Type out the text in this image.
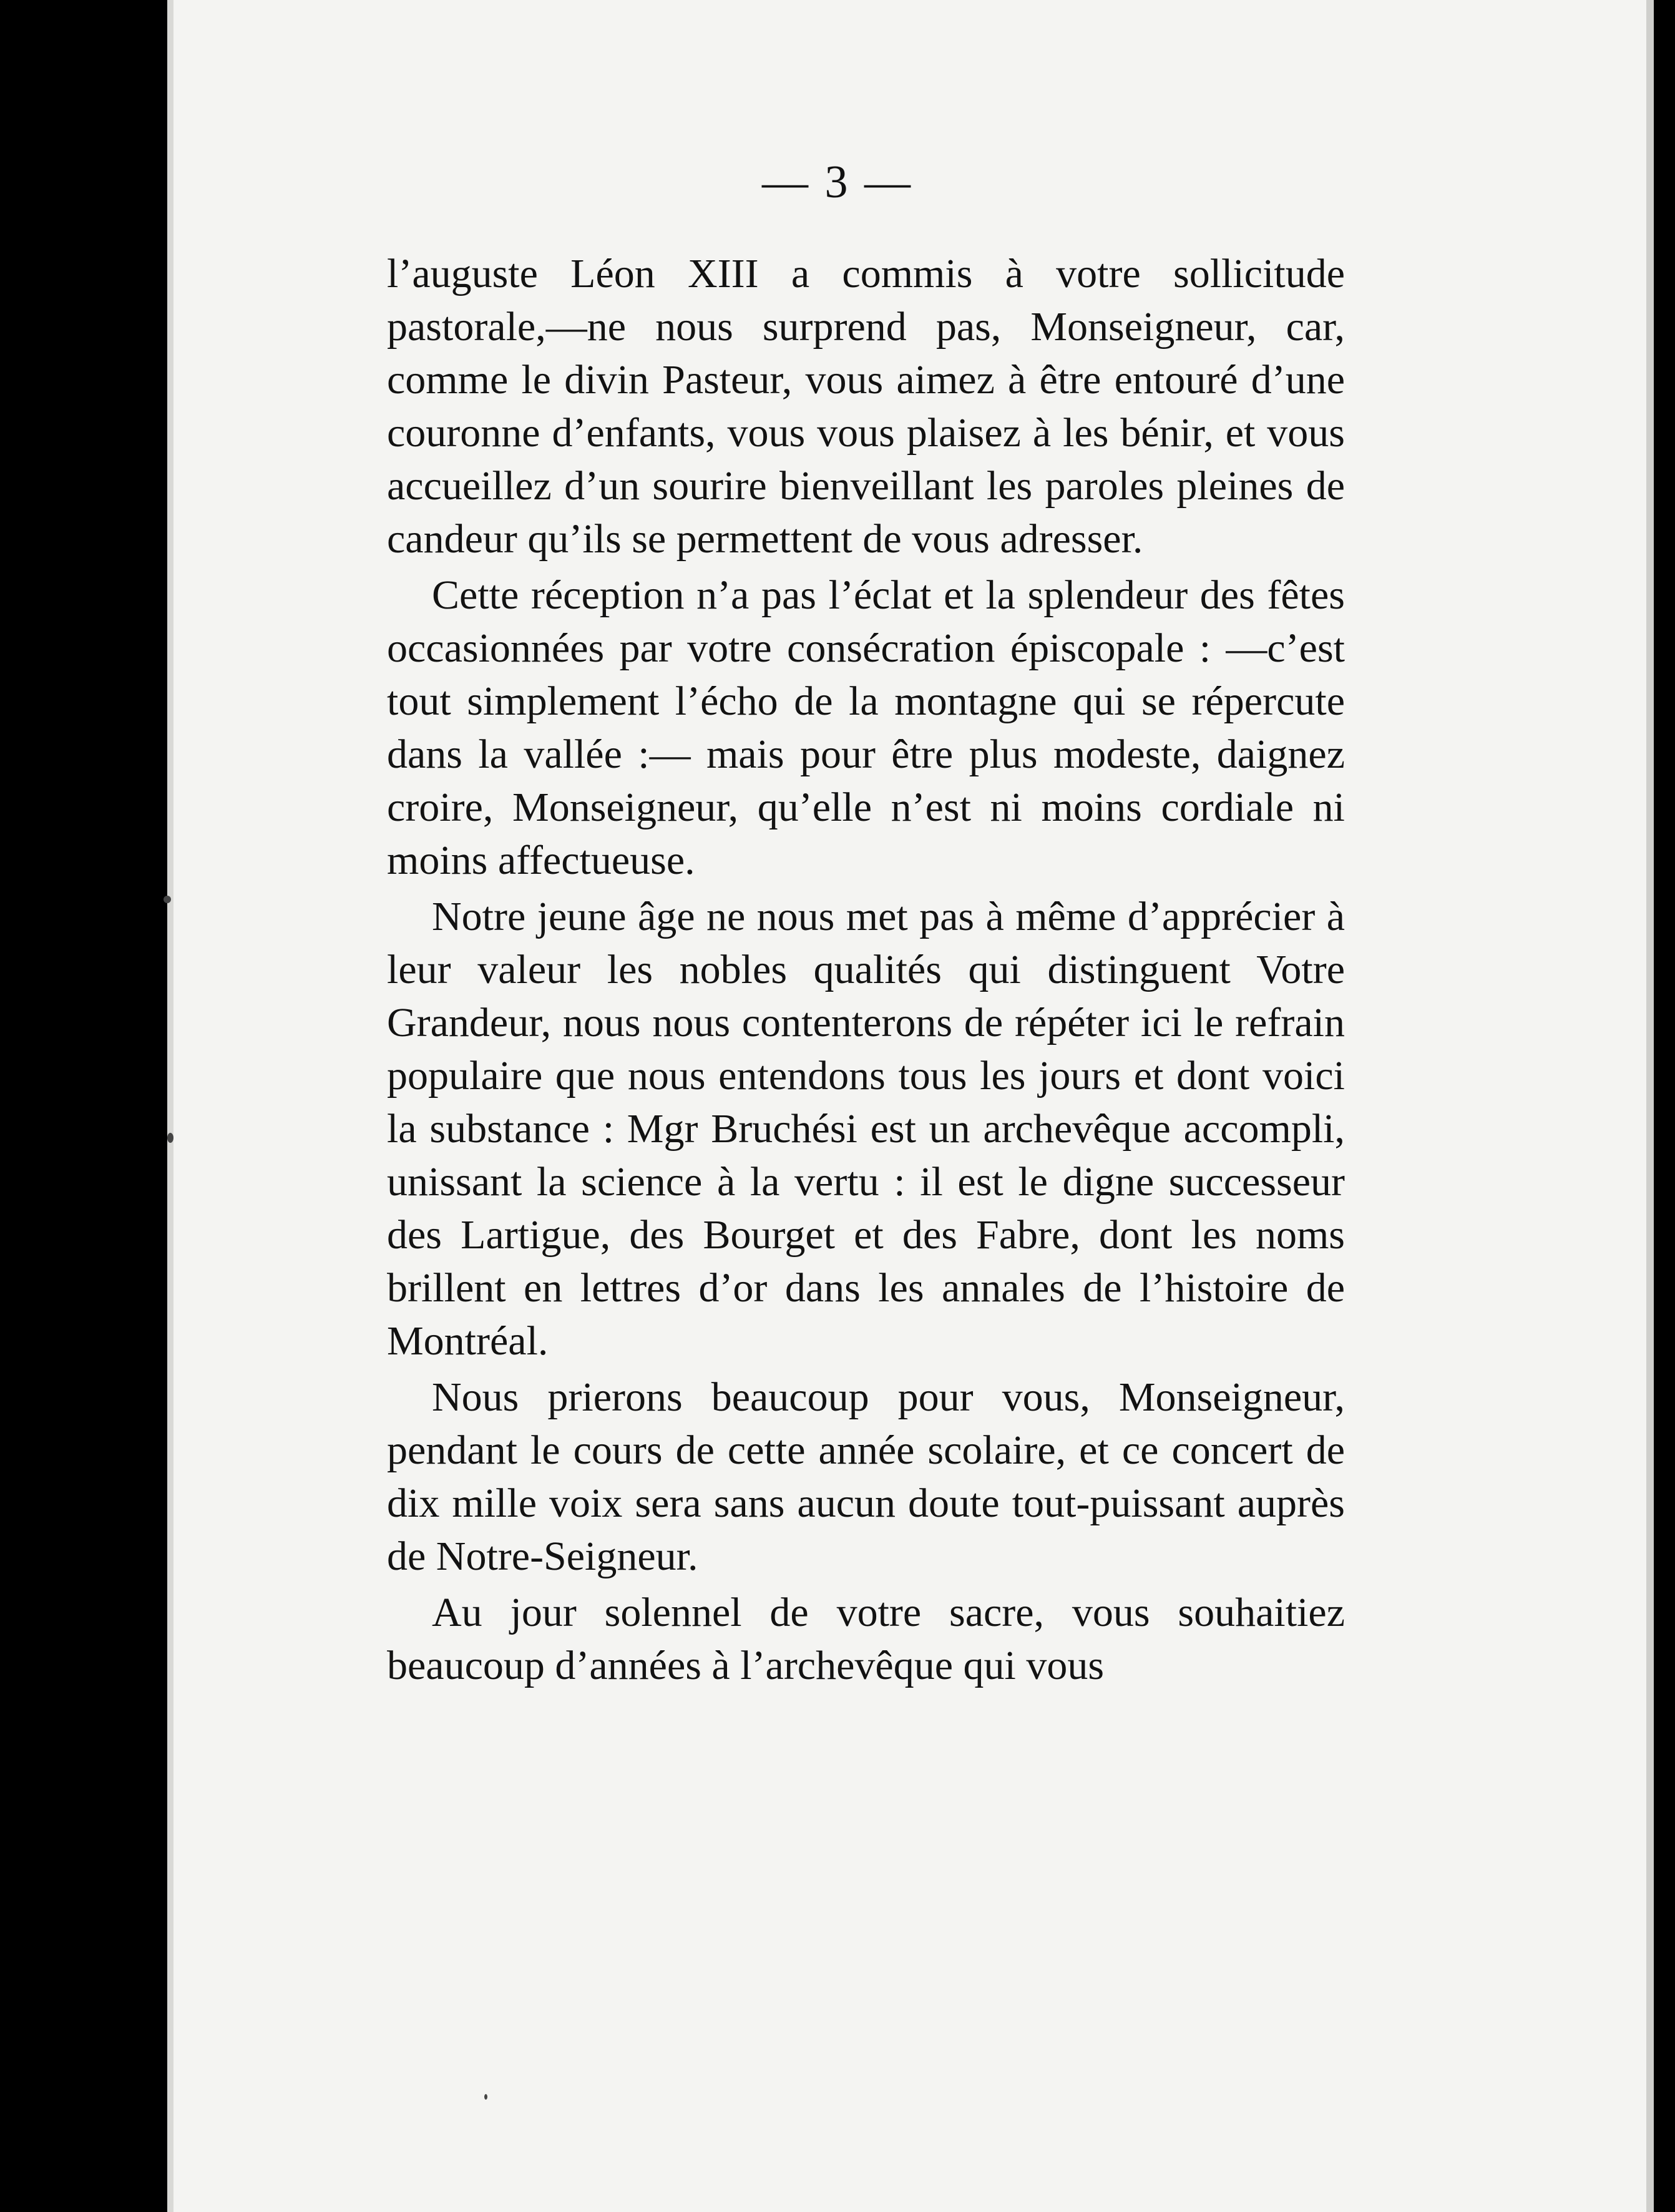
— 3 —

l’auguste Léon XIII a commis à votre sollicitude pastorale,—ne nous surprend pas, Monseigneur, car, comme le divin Pasteur, vous aimez à être entouré d’une couronne d’enfants, vous vous plaisez à les bénir, et vous accueillez d’un sourire bienveillant les paroles pleines de candeur qu’ils se permettent de vous adresser.

Cette réception n’a pas l’éclat et la splendeur des fêtes occasionnées par votre consécration épiscopale : —c’est tout simplement l’écho de la montagne qui se répercute dans la vallée :— mais pour être plus modeste, daignez croire, Monseigneur, qu’elle n’est ni moins cordiale ni moins affectueuse.

Notre jeune âge ne nous met pas à même d’apprécier à leur valeur les nobles qualités qui distinguent Votre Grandeur, nous nous contenterons de répéter ici le refrain populaire que nous entendons tous les jours et dont voici la substance : Mgr Bruchési est un archevêque accompli, unissant la science à la vertu : il est le digne successeur des Lartigue, des Bourget et des Fabre, dont les noms brillent en lettres d’or dans les annales de l’histoire de Montréal.

Nous prierons beaucoup pour vous, Monseigneur, pendant le cours de cette année scolaire, et ce concert de dix mille voix sera sans aucun doute tout-puissant auprès de Notre-Seigneur.

Au jour solennel de votre sacre, vous souhaitiez beaucoup d’années à l’archevêque qui vous
